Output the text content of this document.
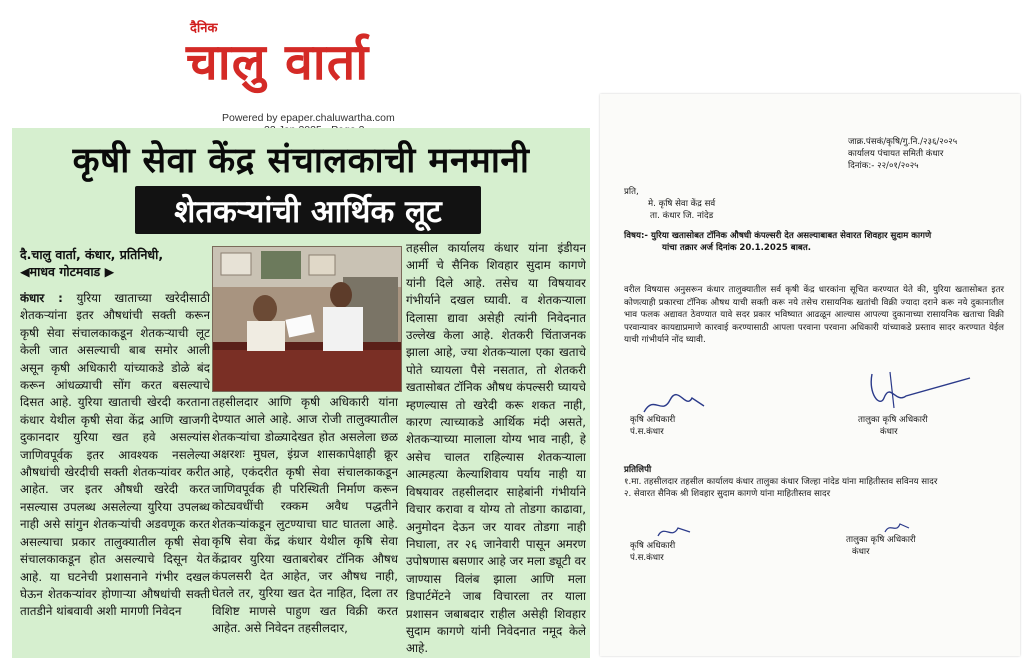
दैनिक
चालु वार्ता
Powered by epaper.chaluwartha.com
कृषी सेवा केंद्र संचालकाची मनमानी
शेतकऱ्यांची आर्थिक लूट
दै.चालु वार्ता, कंधार, प्रतिनिधी,
◀माधव गोटमवाड ▶
कंधार : युरिया खाताच्या खरेदीसाठी शेतकऱ्यांना इतर औषधांची सक्ती करून कृषी सेवा संचालकाकडून शेतकऱ्याची लूट केली जात असल्याची बाब समोर आली असून कृषी अधिकारी यांच्याकडे डोळे बंद करून आंधळ्याची सोंग करत बसल्याचे दिसत आहे. युरिया खाताची खेरदी करताना कंधार येथील कृषी सेवा केंद्र आणि खाजगी दुकानदार युरिया खत हवे असल्यांस जाणिवपूर्वक इतर आवश्यक नसलेल्या औषधांची खेरदीची सक्ती शेतकऱ्यांवर करीत आहेत. जर इतर औषधी खरेदी करत नसल्यास उपलब्ध असलेल्या युरिया उपलब्ध नाही असे सांगुन शेतकऱ्यांची अडवणूक करत असल्याचा प्रकार तालुक्यातील कृषी सेवा संचालकाकडून होत असल्याचे दिसून येत आहे. या घटनेची प्रशासनाने गंभीर दखल घेऊन शेतकऱ्यांवर होणाऱ्या औषधांची सक्ती तातडीने थांबवावी अशी मागणी निवेदन
तहसीलदार आणि कृषी अधिकारी यांना देण्यात आले आहे. आज रोजी तालुक्यातील शेतकऱ्यांचा डोळ्यादेखत होत असलेला छळ अक्षरशः मुघल, इंग्रज शासकापेक्षाही क्रूर आहे, एकंदरीत कृषी सेवा संचालकाकडून जाणिवपूर्वक ही परिस्थिती निर्माण करून कोट्यवधींची रक्कम अवैध पद्धतीने शेतकऱ्यांकडून लुटण्याचा घाट घातला आहे. कृषि सेवा केंद्र कंधार येथील कृषि सेवा केंद्रावर युरिया खताबरोबर टॉनिक औषध कंपलसरी देत आहेत, जर औषध नाही, घेतले तर, युरिया खत देत नाहित, दिला तर विशिष्ट माणसे पाहुण खत विक्री करत आहेत. असे निवेदन तहसीलदार,
तहसील कार्यालय कंधार यांना इंडीयन आर्मी चे सैनिक शिवहार सुदाम कागणे यांनी दिले आहे. तसेच या विषयावर गंभीर्याने दखल घ्यावी. व शेतकऱ्याला दिलासा द्यावा असेही त्यांनी निवेदनात उल्लेख केला आहे. शेतकरी चिंताजनक झाला आहे, ज्या शेतकऱ्याला एका खताचे पोते घ्यायला पैसे नसतात, तो शेतकरी खतासोबत टॉनिक औषध कंपल्सरी घ्यायचे म्हणल्यास तो खरेदी करू शकत नाही, कारण त्याच्याकडे आर्थिक मंदी असते, शेतकऱ्याच्या मालाला योग्य भाव नाही, हे असेच चालत राहिल्यास शेतकऱ्याला आत्महत्या केल्याशिवाय पर्याय नाही या विषयावर तहसीलदार साहेबांनी गंभीर्याने विचार करावा व योग्य तो तोडगा काढावा, अनुमोदन देऊन जर यावर तोडगा नाही निघाला, तर २६ जानेवारी पासून अमरण उपोषणास बसणार आहे जर मला ड्यूटी वर जाण्यास विलंब झाला आणि मला डिपार्टमेंटने जाब विचारला तर याला प्रशासन जबाबदार राहील असेही शिवहार सुदाम कागणे यांनी निवेदनात नमूद केले आहे.
जाक्र.पंसकं/कृषि/गु.नि./२३६/२०२५
कार्यालय पंचायत समिती कंधार
दिनांक:- २२/०१/२०२५
प्रति,
मे. कृषि सेवा केंद्र सर्व
ता. कंधार जि. नांदेड
विषय:- युरिया खतासोबत टॉनिक औषधी कंपल्सरी देत असल्याबाबत सेवारत शिवहार सुदाम कागणे
यांचा तक्रार अर्ज दिनांक 20.1.2025 बाबत.
वरील विषयास अनुसरून कंधार तालुक्यातील सर्व कृषी केंद्र धारकांना सूचित करण्यात येते की, युरिया खतासोबत इतर कोणत्याही प्रकारचा टॉनिक औषध याची सक्ती करू नये तसेच रासायनिक खतांची विक्री ज्यादा दराने करू नये दुकानातील भाव फलक अद्यावत ठेवण्यात यावे सदर प्रकार भविष्यात आढळून आल्यास आपल्या दुकानाच्या रासायनिक खताचा विक्री परवान्यावर कायद्याप्रमाणे कारवाई करण्यासाठी आपला परवाना परवाना अधिकारी यांच्याकडे प्रस्ताव सादर करण्यात येईल याची गांभीर्याने नोंद घ्यावी.
कृषि अधिकारी
पं.स.कंधार
तालुका कृषि अधिकारी
कंधार
प्रतिलिपी
१.मा. तहसीलदार तहसील कार्यालय कंधार तालुका कंधार जिल्हा नांदेड यांना माहितीस्तव सविनय सादर
२. सेवारत सैनिक श्री शिवहार सुदाम कागणे यांना माहितीस्तव सादर
कृषि अधिकारी
पं.स.कंधार
तालुका कृषि अधिकारी
कंधार
